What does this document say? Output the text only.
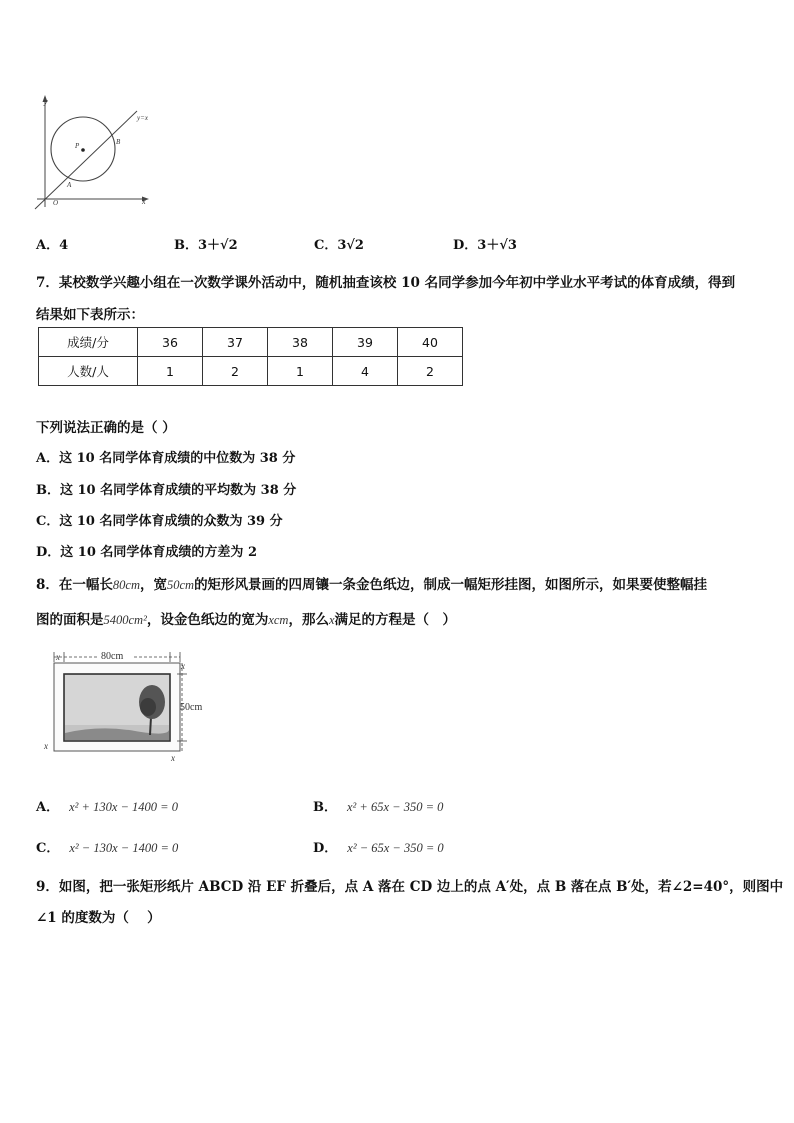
y
x
y=x
P
A
B
O
A．4	B．3＋√2	C．3√2	D．3＋√3
7．某校数学兴趣小组在一次数学课外活动中，随机抽查该校 10 名同学参加今年初中学业水平考试的体育成绩，得到
结果如下表所示：
成绩/分	36	37	38	39	40
人数/人	1	2	1	4	2
下列说法正确的是（ ）
A．这 10 名同学体育成绩的中位数为 38 分
B．这 10 名同学体育成绩的平均数为 38 分
C．这 10 名同学体育成绩的众数为 39 分
D．这 10 名同学体育成绩的方差为 2
8．在一幅长80cm，宽50cm的矩形风景画的四周镶一条金色纸边，制成一幅矩形挂图，如图所示，如果要使整幅挂
图的面积是5400cm²，设金色纸边的宽为xcm，那么x满足的方程是（　）
80cm
50cm
x
x
x
x
A． x² + 130x − 1400 = 0	B． x² + 65x − 350 = 0
C． x² − 130x − 1400 = 0	D． x² − 65x − 350 = 0
9．如图，把一张矩形纸片 ABCD 沿 EF 折叠后，点 A 落在 CD 边上的点 A′处，点 B 落在点 B′处，若∠2=40°，则图中
∠1 的度数为（　 ）
